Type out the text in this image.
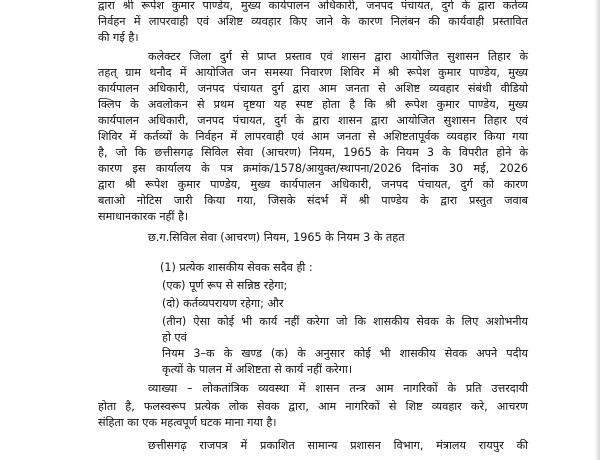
द्वारा श्री रूपेश कुमार पाण्डेय, मुख्य कार्यपालन अधिकारी, जनपद पंचायत, दुर्ग के द्वारा कर्तव्य
निर्वहन में लापरवाही एवं अशिष्ट व्यवहार किए जाने के कारण निलंबन की कार्यवाही प्रस्तावित
की गई है।
कलेक्टर जिला दुर्ग से प्राप्त प्रस्ताव एवं शासन द्वारा आयोजित सुशासन तिहार के
तहत् ग्राम थनौद में आयोजित जन समस्या निवारण शिविर में श्री रूपेश कुमार पाण्डेय, मुख्य
कार्यपालन अधिकारी, जनपद पंचायत दुर्ग द्वारा आम जनता से अशिष्ट व्यवहार संबंधी वीडियो
क्लिप के अवलोकन से प्रथम दृष्टया यह स्पष्ट होता है कि श्री रूपेश कुमार पाण्डेय, मुख्य
कार्यपालन अधिकारी, जनपद पंचायत, दुर्ग के द्वारा शासन द्वारा आयोजित सुशासन तिहार एवं
शिविर में कर्तव्यों के निर्वहन में लापरवाही एवं आम जनता से अशिष्टतापूर्वक व्यवहार किया गया
है, जो कि छत्तीसगढ़ सिविल सेवा (आचरण) नियम, 1965 के नियम 3 के विपरीत होने के
कारण इस कार्यालय के पत्र क्रमांक/1578/आयुक्त/स्थापना/2026 दिनांक 30 मई, 2026
द्वारा श्री रूपेश कुमार पाण्डेय, मुख्य कार्यपालन अधिकारी, जनपद पंचायत, दुर्ग को कारण
बताओ नोटिस जारी किया गया, जिसके संदर्भ में श्री पाण्डेय के द्वारा प्रस्तुत जवाब
समाधानकारक नहीं है।
छ.ग.सिविल सेवा (आचरण) नियम, 1965 के नियम 3 के तहत
(1) प्रत्येक शासकीय सेवक सदैव ही :
(एक) पूर्ण रूप से सन्निष्ठ रहेगा;
(दो) कर्तव्यपरायण रहेगा; और
(तीन) ऐसा कोई भी कार्य नहीं करेगा जो कि शासकीय सेवक के लिए अशोभनीय
हो एवं
नियम 3–क के खण्ड (क) के अनुसार कोई भी शासकीय सेवक अपने पदीय
कृत्यों के पालन में अशिष्टता से कार्य नहीं करेगा।
व्याख्या – लोकतांत्रिक व्यवस्था में शासन तन्त्र आम नागरिकों के प्रति उत्तरदायी
होता है, फलस्वरूप प्रत्येक लोक सेवक द्वारा, आम नागरिकों से शिष्ट व्यवहार करे, आचरण
संहिता का एक महत्वपूर्ण घटक माना गया है।
छत्तीसगढ़ राजपत्र में प्रकाशित सामान्य प्रशासन विभाग, मंत्रालय रायपुर की
